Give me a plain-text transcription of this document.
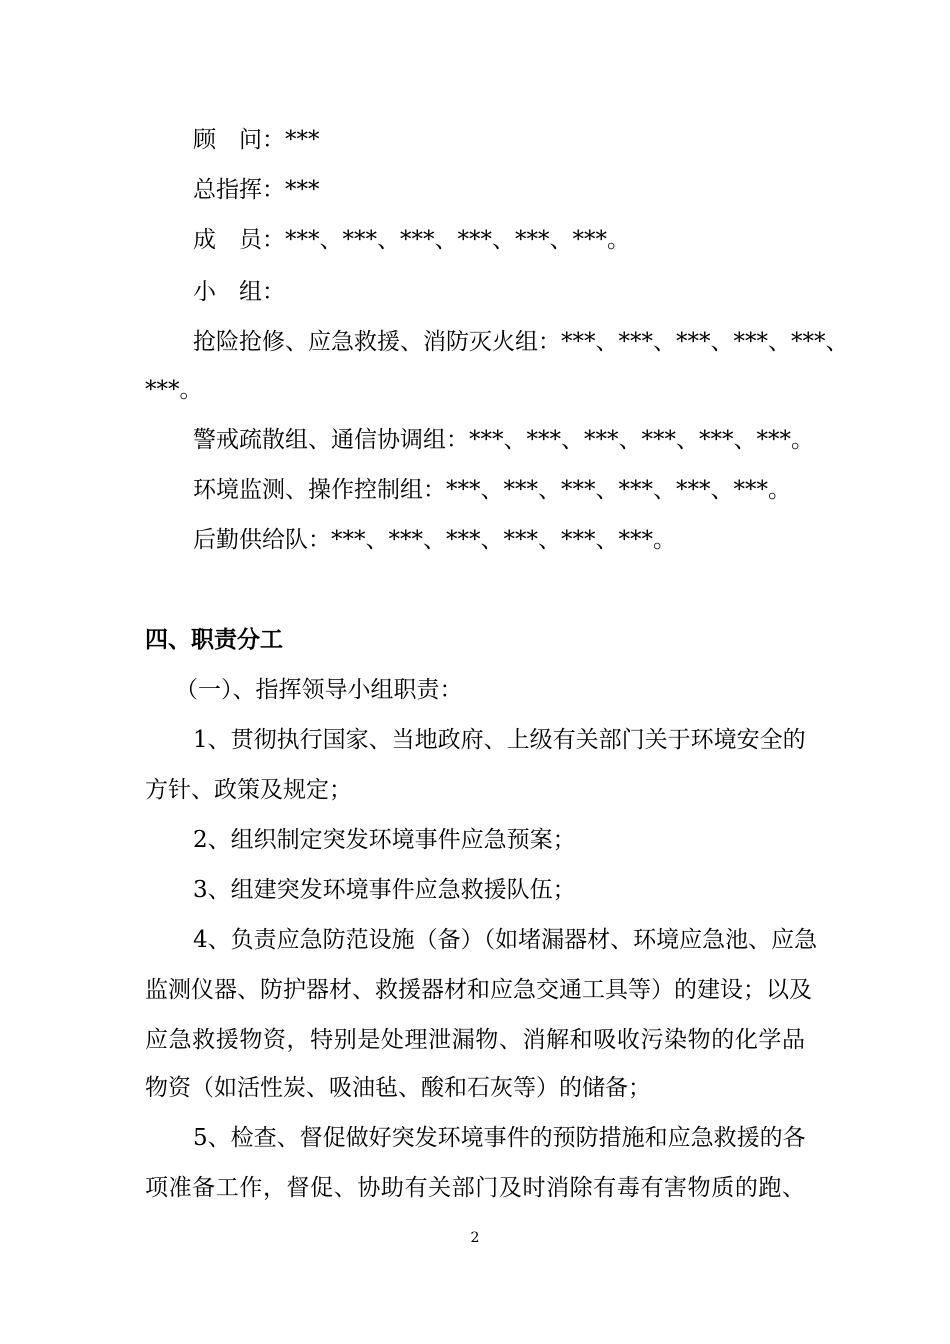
顾　问：***
总指挥：***
成　员：***、***、***、***、***、***。
小　组：
抢险抢修、应急救援、消防灭火组：***、***、***、***、***、
***。
警戒疏散组、通信协调组：***、***、***、***、***、***。
环境监测、操作控制组：***、***、***、***、***、***。
后勤供给队：***、***、***、***、***、***。
四、职责分工
（一）、指挥领导小组职责：
1、贯彻执行国家、当地政府、上级有关部门关于环境安全的
方针、政策及规定；
2、组织制定突发环境事件应急预案；
3、组建突发环境事件应急救援队伍；
4、负责应急防范设施（备）（如堵漏器材、环境应急池、应急
监测仪器、防护器材、救援器材和应急交通工具等）的建设；以及
应急救援物资，特别是处理泄漏物、消解和吸收污染物的化学品
物资（如活性炭、吸油毡、酸和石灰等）的储备；
5、检查、督促做好突发环境事件的预防措施和应急救援的各
项准备工作，督促、协助有关部门及时消除有毒有害物质的跑、
2
